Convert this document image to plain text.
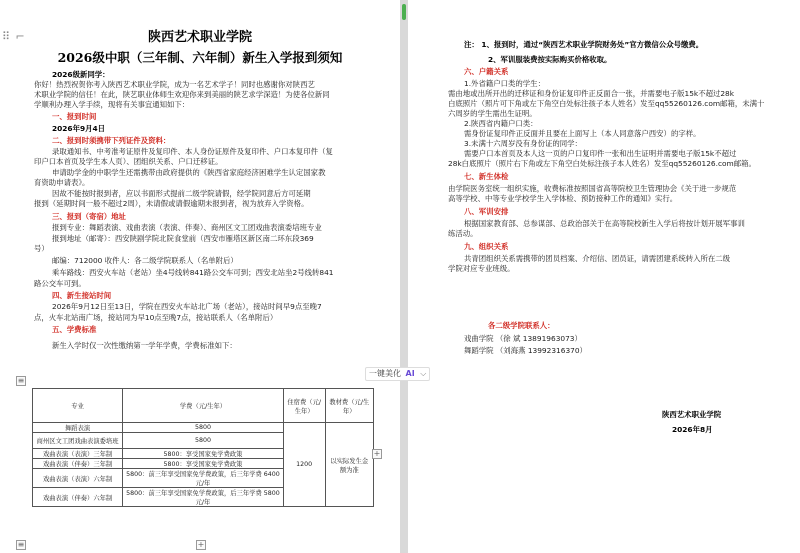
⠿ ⌐	陕西艺术职业学院
2026级中职（三年制、六年制）新生入学报到须知
2026级新同学：
你好！热烈祝贺你考入陕西艺术职业学院，成为一名艺术学子！同时也感谢你对陕西艺
术职业学院的信任！在此，陕艺职业体师生欢迎你来到美丽的陕艺求学深造！为使各位新同
学顺利办理入学手续，现将有关事宜通知如下：
一、报到时间
2026年9月4日
二、报到时须携带下列证件及资料：
录取通知书、中考准考证原件及复印件、本人身份证原件及复印件、户口本复印件（复
印户口本首页及学生本人页）、团组织关系、户口迁移证。
申请助学金的中职学生还需携带由政府提供的《陕西省家庭经济困难学生认定国家教
育资助申请表》。
因故不能按时报到者，应以书面形式提前二级学院请假，经学院同意后方可延期
报到（延期时间一般不超过2周），未请假或请假逾期未报到者，视为放弃入学资格。
三、报到（寄宿）地址
报到专业：舞蹈表演、戏曲表演（表演、伴奏）、商州区文工团戏曲表演委培班专业
报到地址（邮寄）：西安陕剧学院北院食堂前（西安市雁塔区新区南二环东段369
号）
邮编：712000 收件人：各二级学院联系人（名单附后）
乘车路线：西安火车站（老站）坐4号线转841路公交车可到；西安北站坐2号线转841
路公交车可到。
四、新生接站时间
2026年9月12日至13日，学院在西安火车站北广场（老站），接站时间早9点至晚7
点，火车北站南广场，接站同为早10点至晚7点，接站联系人（名单附后）
五、学费标准
新生入学时仅一次性缴纳第一学年学费，学费标准如下：
专业	学费（元/生年）	住宿费（元/生年）	教材费（元/生年）
舞蹈表演	5800	1200	以实际发生金额为准
商州区文工团戏曲表演委培班	5800		
戏曲表演（表演）三年制	5800：享受国家免学费政策		
戏曲表演（伴奏）三年制	5800：享受国家免学费政策		
戏曲表演（表演）六年制	5800：前三年享受国家免学费政策，后三年学费 6400元/年		
戏曲表演（伴奏）六年制	5800：前三年享受国家免学费政策，后三年学费 5800元/年		
≡
+
+
≡
注： 1、报到时，通过“陕西艺术职业学院财务处”官方微信公众号缴费。
2、军训服装费按实际购买价格收取。
六、户籍关系
1.外省籍户口类的学生：
需由地或出所开出的迁移证和身份证复印件正反面合一张，并需要电子版15k不超过28k
白底照片（照片可下角或左下角空白处标注孩子本人姓名）发至qq55260126.com邮箱，未满十
六周岁的学生需出生证明。
2.陕西省内籍户口类：
需身份证复印件正反面并且要在上面写上（本人同意落户西安）的字样。
3.未满十六周岁没有身份证的同学：
需要户口本首页及本人这一页的户口复印件一张和出生证明并需要电子版15k不超过
28k白底照片（照片右下角或左下角空白处标注孩子本人姓名）发至qq55260126.com邮箱。
七、新生体检
由学院医务室统一组织实施，收费标准按照国省高等院校卫生管理协会《关于进一步规范
高等学校、中等专业学校学生入学体检、预防接种工作的通知》实行。
八、军训安排
根据国家教育部、总参谋部、总政治部关于在高等院校新生入学后将按计划开展军事训
练活动。
九、组织关系
共青团组织关系需携带的团员档案、介绍信、团员证，请需团建系统转入所在二级
学院对应专业班级。
各二级学院联系人：
戏曲学院 （徐 斌 13891963073）
舞蹈学院 （刘海燕 13992316370）
陕西艺术职业学院
2026年8月
一键美化 AI ⌵
